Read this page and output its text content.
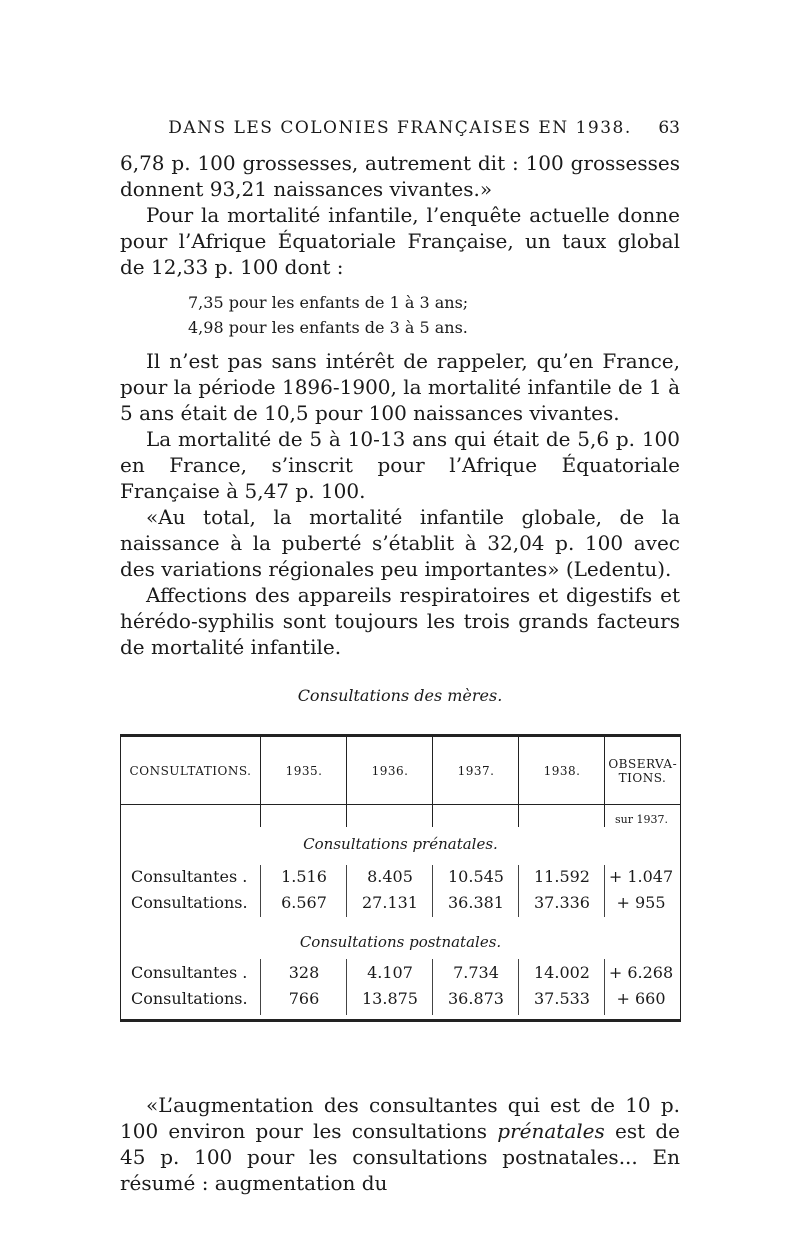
DANS LES COLONIES FRANÇAISES EN 1938. 63

6,78 p. 100 grossesses, autrement dit : 100 grossesses donnent 93,21 naissances vivantes.»

Pour la mortalité infantile, l’enquête actuelle donne pour l’Afrique Équatoriale Française, un taux global de 12,33 p. 100 dont :

7,35 pour les enfants de 1 à 3 ans;
4,98 pour les enfants de 3 à 5 ans.

Il n’est pas sans intérêt de rappeler, qu’en France, pour la période 1896-1900, la mortalité infantile de 1 à 5 ans était de 10,5 pour 100 naissances vivantes.

La mortalité de 5 à 10-13 ans qui était de 5,6 p. 100 en France, s’inscrit pour l’Afrique Équatoriale Française à 5,47 p. 100.

«Au total, la mortalité infantile globale, de la naissance à la puberté s’établit à 32,04 p. 100 avec des variations régionales peu importantes» (Ledentu).

Affections des appareils respiratoires et digestifs et hérédo-syphilis sont toujours les trois grands facteurs de mortalité infantile.

Consultations des mères.
CONSULTATIONS.	1935.	1936.	1937.	1938.	OBSERVA-TIONS.
sur 1937.
Consultations prénatales.
Consultantes .	1.516	8.405	10.545	11.592	+ 1.047
Consultations.	6.567	27.131	36.381	37.336	+ 955
Consultations postnatales.
Consultantes .	328	4.107	7.734	14.002	+ 6.268
Consultations.	766	13.875	36.873	37.533	+ 660

«L’augmentation des consultantes qui est de 10 p. 100 environ pour les consultations prénatales est de 45 p. 100 pour les consultations postnatales... En résumé : augmentation du
